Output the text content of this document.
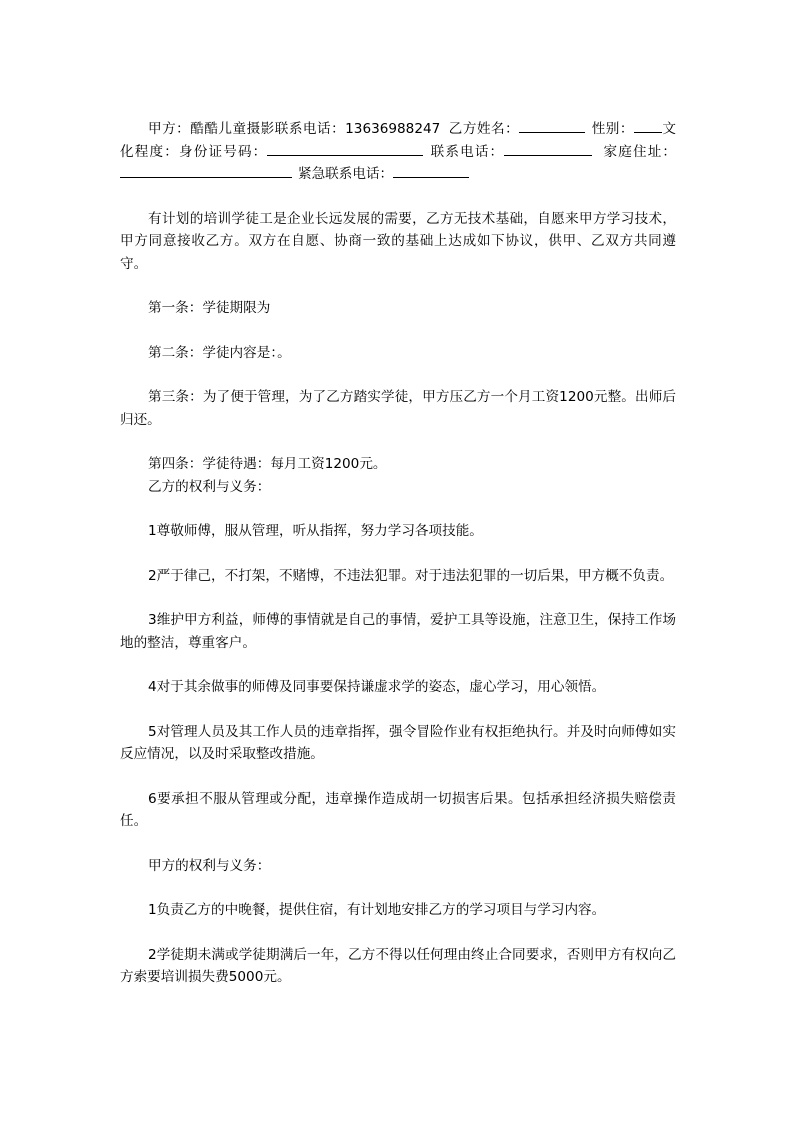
甲方：酷酷儿童摄影联系电话：13636988247 乙方姓名：	性别： 文化程度：身份证号码：	联系电话：	家庭住址：紧急联系电话：

有计划的培训学徒工是企业长远发展的需要，乙方无技术基础，自愿来甲方学习技术，甲方同意接收乙方。双方在自愿、协商一致的基础上达成如下协议，供甲、乙双方共同遵守。

第一条：学徒期限为

第二条：学徒内容是：。

第三条：为了便于管理，为了乙方踏实学徒，甲方压乙方一个月工资1200元整。出师后归还。

第四条：学徒待遇：每月工资1200元。

乙方的权利与义务：

1尊敬师傅，服从管理，听从指挥，努力学习各项技能。

2严于律己，不打架，不赌博，不违法犯罪。对于违法犯罪的一切后果，甲方概不负责。

3维护甲方利益，师傅的事情就是自己的事情，爱护工具等设施，注意卫生，保持工作场地的整洁，尊重客户。

4对于其余做事的师傅及同事要保持谦虚求学的姿态，虚心学习，用心领悟。

5对管理人员及其工作人员的违章指挥，强令冒险作业有权拒绝执行。并及时向师傅如实反应情况，以及时采取整改措施。

6要承担不服从管理或分配，违章操作造成胡一切损害后果。包括承担经济损失赔偿责任。

甲方的权利与义务：

1负责乙方的中晚餐，提供住宿，有计划地安排乙方的学习项目与学习内容。

2学徒期未满或学徒期满后一年，乙方不得以任何理由终止合同要求，否则甲方有权向乙方索要培训损失费5000元。
